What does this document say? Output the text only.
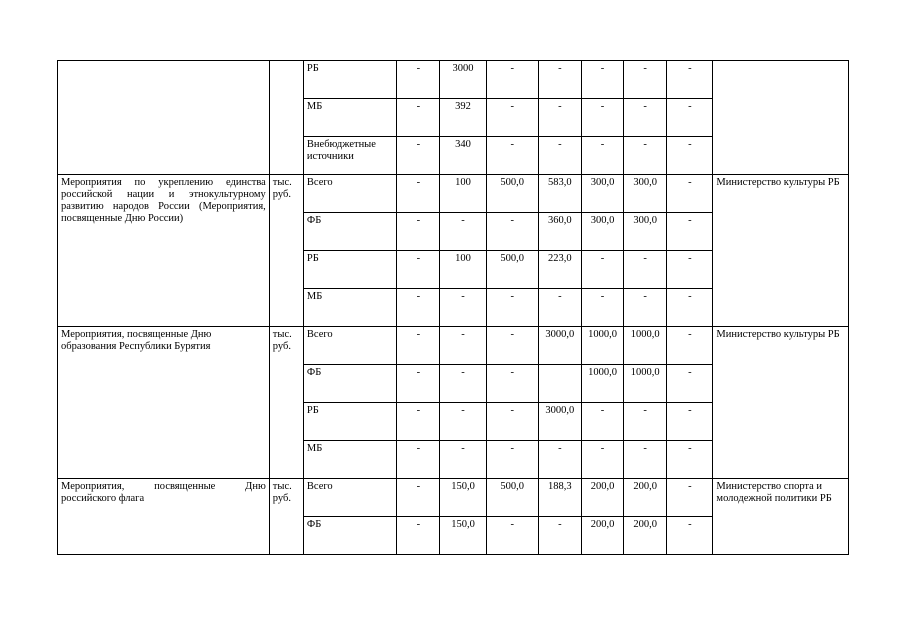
		РБ	-	3000	-	-	-	-	-	
		МБ	-	392	-	-	-	-	-	
		Внебюджетные источники	-	340	-	-	-	-	-	
Мероприятия по укреплению единства российской нации и этнокультурному развитию народов России (Мероприятия, посвященные Дню России)	тыс. руб.	Всего	-	100	500,0	583,0	300,0	300,0	-	Министерство культуры РБ
		ФБ	-	-	-	360,0	300,0	300,0	-	
		РБ	-	100	500,0	223,0	-	-	-	
		МБ	-	-	-	-	-	-	-	
Мероприятия, посвященные Дню образования Республики Бурятия	тыс. руб.	Всего	-	-	-	3000,0	1000,0	1000,0	-	Министерство культуры РБ
		ФБ	-	-	-		1000,0	1000,0	-	
		РБ	-	-	-	3000,0	-	-	-	
		МБ	-	-	-	-	-	-	-	
Мероприятия, посвященные Дню российского флага	тыс. руб.	Всего	-	150,0	500,0	188,3	200,0	200,0	-	Министерство спорта и молодежной политики РБ
		ФБ	-	150,0	-	-	200,0	200,0	-	
